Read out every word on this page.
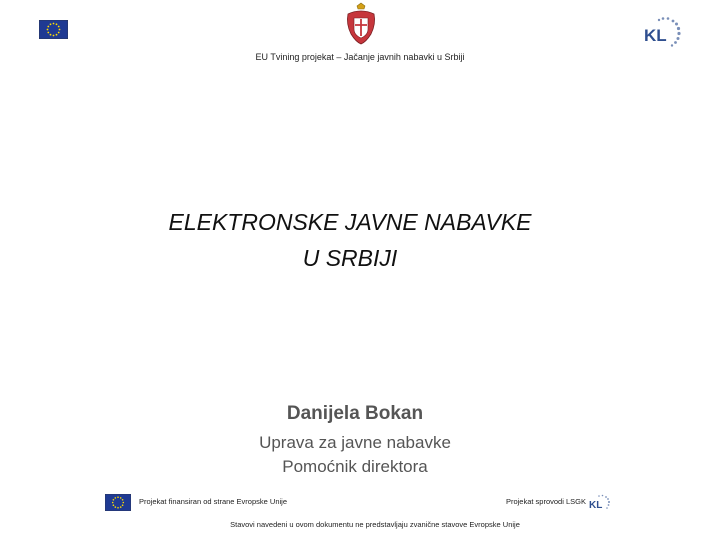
KL
EU Tvining projekat – Jačanje javnih nabavki u Srbiji
ELEKTRONSKE JAVNE NABAVKE
U SRBIJI
Danijela Bokan
Uprava za javne nabavke
Pomoćnik direktora
Projekat finansiran od strane Evropske Unije	Projekat sprovodi LSGK KL
Stavovi navedeni u ovom dokumentu ne predstavljaju zvanične stavove Evropske Unije
